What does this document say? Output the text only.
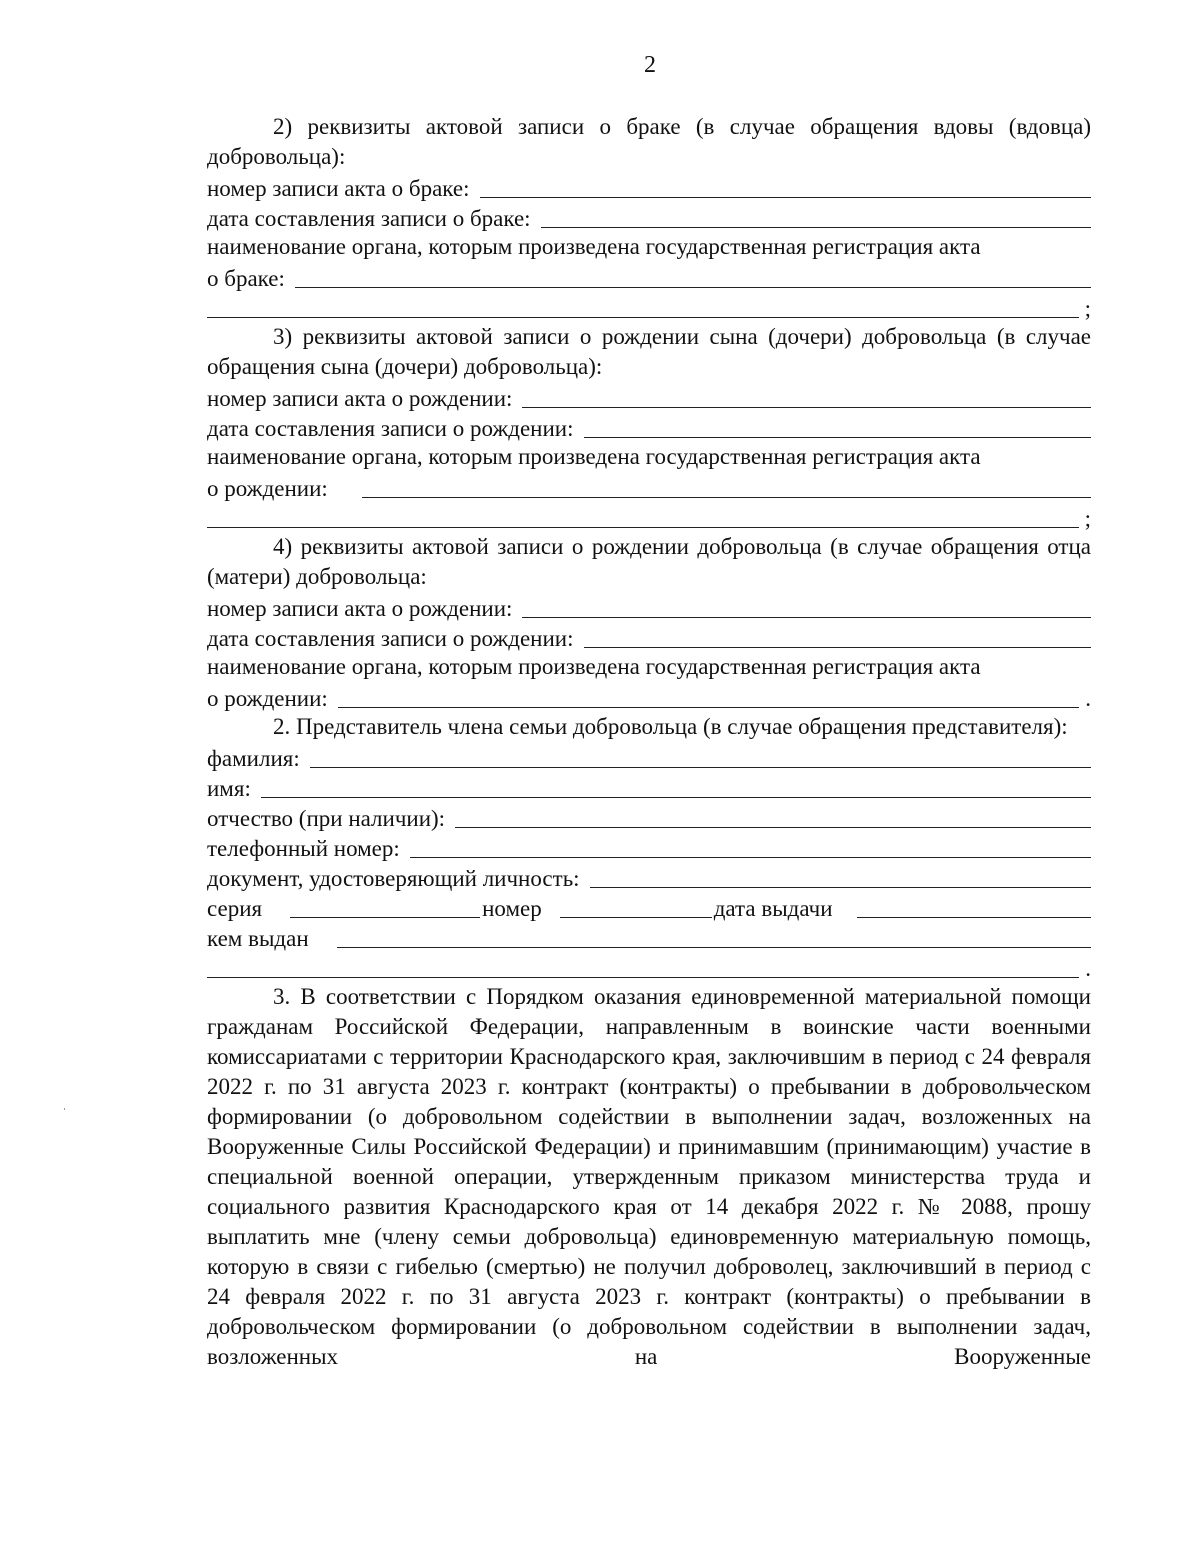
2

2) реквизиты актовой записи о браке (в случае обращения вдовы (вдовца) добровольца):

номер записи акта о браке:
дата составления записи о браке:

наименование органа, которым произведена государственная регистрация акта

о браке:
;

3) реквизиты актовой записи о рождении сына (дочери) добровольца (в случае обращения сына (дочери) добровольца):

номер записи акта о рождении:
дата составления записи о рождении:

наименование органа, которым произведена государственная регистрация акта

о рождении:
;

4) реквизиты актовой записи о рождении добровольца (в случае обращения отца (матери) добровольца:

номер записи акта о рождении:
дата составления записи о рождении:

наименование органа, которым произведена государственная регистрация акта

о рождении:	.

2. Представитель члена семьи добровольца (в случае обращения представителя):

фамилия:
имя:
отчество (при наличии):
телефонный номер:
документ, удостоверяющий личность:
серия	номер	дата выдачи
кем выдан
.

3. В соответствии с Порядком оказания единовременной материальной помощи гражданам Российской Федерации, направленным в воинские части военными комиссариатами с территории Краснодарского края, заключившим в период с 24 февраля 2022 г. по 31 августа 2023 г. контракт (контракты) о пребывании в добровольческом формировании (о добровольном содействии в выполнении задач, возложенных на Вооруженные Силы Российской Федерации) и принимавшим (принимающим) участие в специальной военной операции, утвержденным приказом министерства труда и социального развития Краснодарского края от 14 декабря 2022 г. № 2088, прошу выплатить мне (члену семьи добровольца) единовременную материальную помощь, которую в связи с гибелью (смертью) не получил доброволец, заключивший в период с 24 февраля 2022 г. по 31 августа 2023 г. контракт (контракты) о пребывании в добровольческом формировании (о добровольном содействии в выполнении задач, возложенных на Вооруженные
